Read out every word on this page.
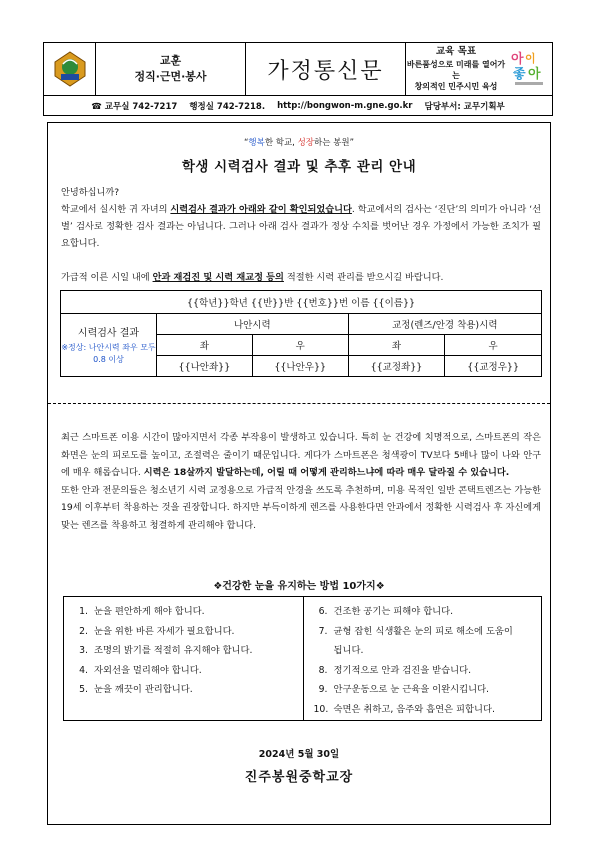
교훈
정직·근면·봉사	가정통신문
교육 목표
바른품성으로 미래를 열어가는
창의적인 민주시민 육성
아 이
좋 아
☎ 교무실 742-7217 행정실 742-7218. http://bongwon-m.gne.go.kr 담당부서: 교무기획부
“행복한 학교, 성장하는 봉원”
학생 시력검사 결과 및 추후 관리 안내
안녕하십니까?
학교에서 실시한 귀 자녀의 시력검사 결과가 아래와 같이 확인되었습니다. 학교에서의 검사는 ‘진단’의 의미가 아니라 ‘선별’ 검사로 정확한 검사 결과는 아닙니다. 그러나 아래 검사 결과가 정상 수치를 벗어난 경우 가정에서 가능한 조치가 필요합니다.
가급적 이른 시일 내에 안과 재검진 및 시력 재교정 등의 적절한 시력 관리를 받으시길 바랍니다.
{{학년}}학년 {{반}}반 {{번호}}번 이름 {{이름}}				

시력검사 결과
※정상: 나안시력 좌우 모두 0.8 이상	나안시력		교정(렌즈/안경 착용)시력	
	좌	우	좌	우
	{{나안좌}}	{{나안우}}	{{교정좌}}	{{교정우}}
최근 스마트폰 이용 시간이 많아지면서 각종 부작용이 발생하고 있습니다. 특히 눈 건강에 치명적으로, 스마트폰의 작은 화면은 눈의 피로도를 높이고, 조절력은 줄이기 때문입니다. 게다가 스마트폰은 청색광이 TV보다 5배나 많이 나와 안구에 매우 해롭습니다. 시력은 18살까지 발달하는데, 어릴 때 어떻게 관리하느냐에 따라 매우 달라질 수 있습니다.
또한 안과 전문의들은 청소년기 시력 교정용으로 가급적 안경을 쓰도록 추천하며, 미용 목적인 일반 콘택트렌즈는 가능한 19세 이후부터 착용하는 것을 권장합니다. 하지만 부득이하게 렌즈를 사용한다면 안과에서 정확한 시력검사 후 자신에게 맞는 렌즈를 착용하고 청결하게 관리해야 합니다.
❖건강한 눈을 유지하는 방법 10가지❖
1. 눈을 편안하게 해야 합니다.
2. 눈을 위한 바른 자세가 필요합니다.
3. 조명의 밝기를 적절히 유지해야 합니다.
4. 자외선을 멀리해야 합니다.
5. 눈을 깨끗이 관리합니다.
6. 건조한 공기는 피해야 합니다.
7. 균형 잡힌 식생활은 눈의 피로 해소에 도움이 됩니다.
8. 정기적으로 안과 검진을 받습니다.
9. 안구운동으로 눈 근육을 이완시킵니다.
10. 숙면은 취하고, 음주와 흡연은 피합니다.
2024년 5월 30일
진주봉원중학교장
